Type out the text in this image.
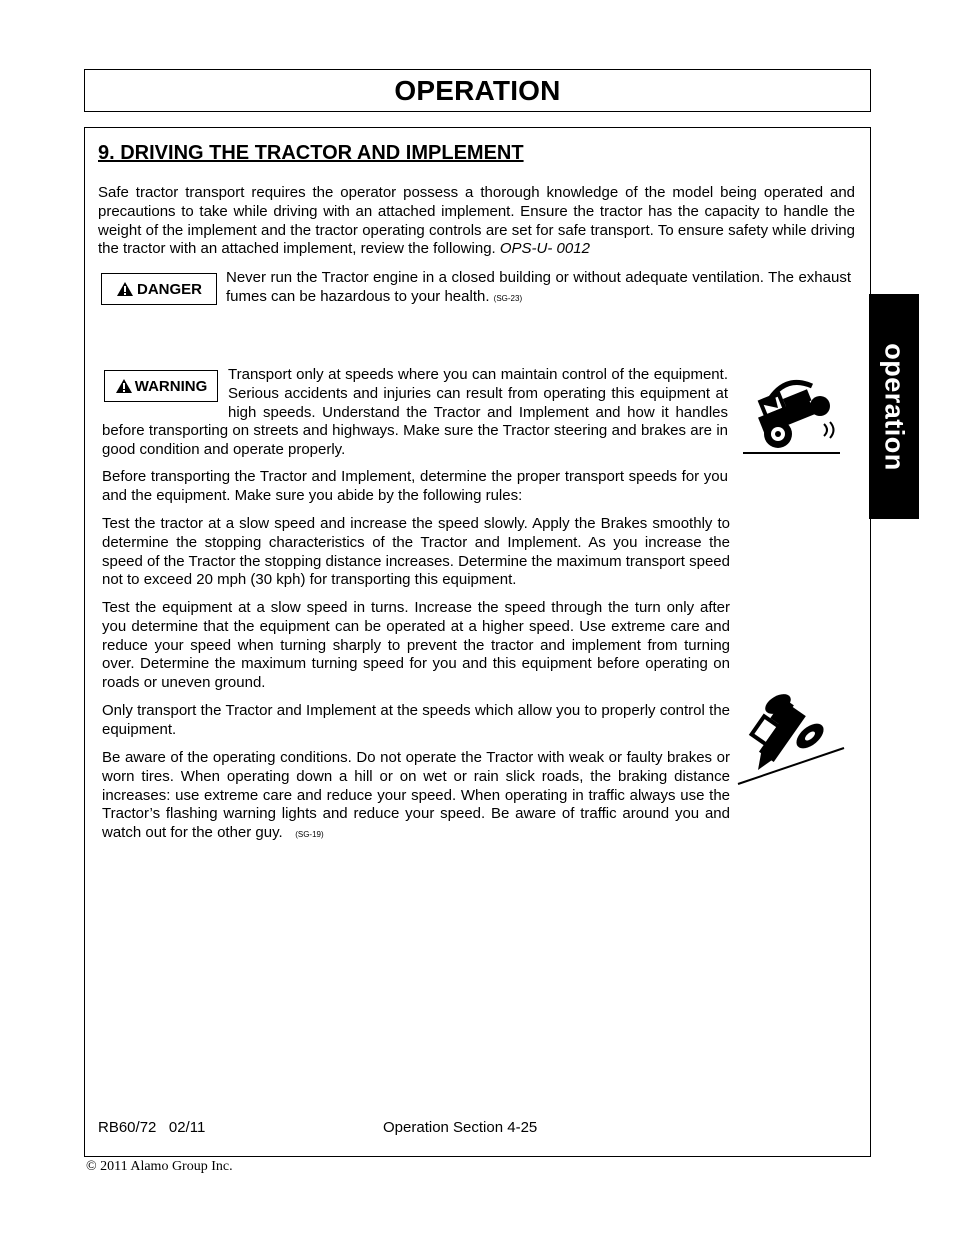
OPERATION
operation
9. DRIVING THE TRACTOR AND IMPLEMENT

Safe tractor transport requires the operator possess a thorough knowledge of the model being operated and precautions to take while driving with an attached implement. Ensure the tractor has the capacity to handle the weight of the implement and the tractor operating controls are set for safe transport. To ensure safety while driving the tractor with an attached implement, review the following. OPS-U- 0012

DANGER

Never run the Tractor engine in a closed building or without adequate ventilation. The exhaust fumes can be hazardous to your health. (SG-23)

WARNING

Transport only at speeds where you can maintain control of the equipment. Serious accidents and injuries can result from operating this equipment at high speeds. Understand the Tractor and Implement and how it handles before transporting on streets and highways. Make sure the Tractor steering and brakes are in good condition and operate properly.

Before transporting the Tractor and Implement, determine the proper transport speeds for you and the equipment. Make sure you abide by the following rules:

Test the tractor at a slow speed and increase the speed slowly. Apply the Brakes smoothly to determine the stopping characteristics of the Tractor and Implement. As you increase the speed of the Tractor the stopping distance increases. Determine the maximum transport speed not to exceed 20 mph (30 kph) for transporting this equipment.

Test the equipment at a slow speed in turns. Increase the speed through the turn only after you determine that the equipment can be operated at a higher speed. Use extreme care and reduce your speed when turning sharply to prevent the tractor and implement from turning over. Determine the maximum turning speed for you and this equipment before operating on roads or uneven ground.

Only transport the Tractor and Implement at the speeds which allow you to properly control the equipment.

Be aware of the operating conditions. Do not operate the Tractor with weak or faulty brakes or worn tires. When operating down a hill or on wet or rain slick roads, the braking distance increases: use extreme care and reduce your speed. When operating in traffic always use the Tractor’s flashing warning lights and reduce your speed. Be aware of traffic around you and watch out for the other guy. (SG-19)

RB60/72   02/11	Operation Section 4-25
© 2011 Alamo Group Inc.
